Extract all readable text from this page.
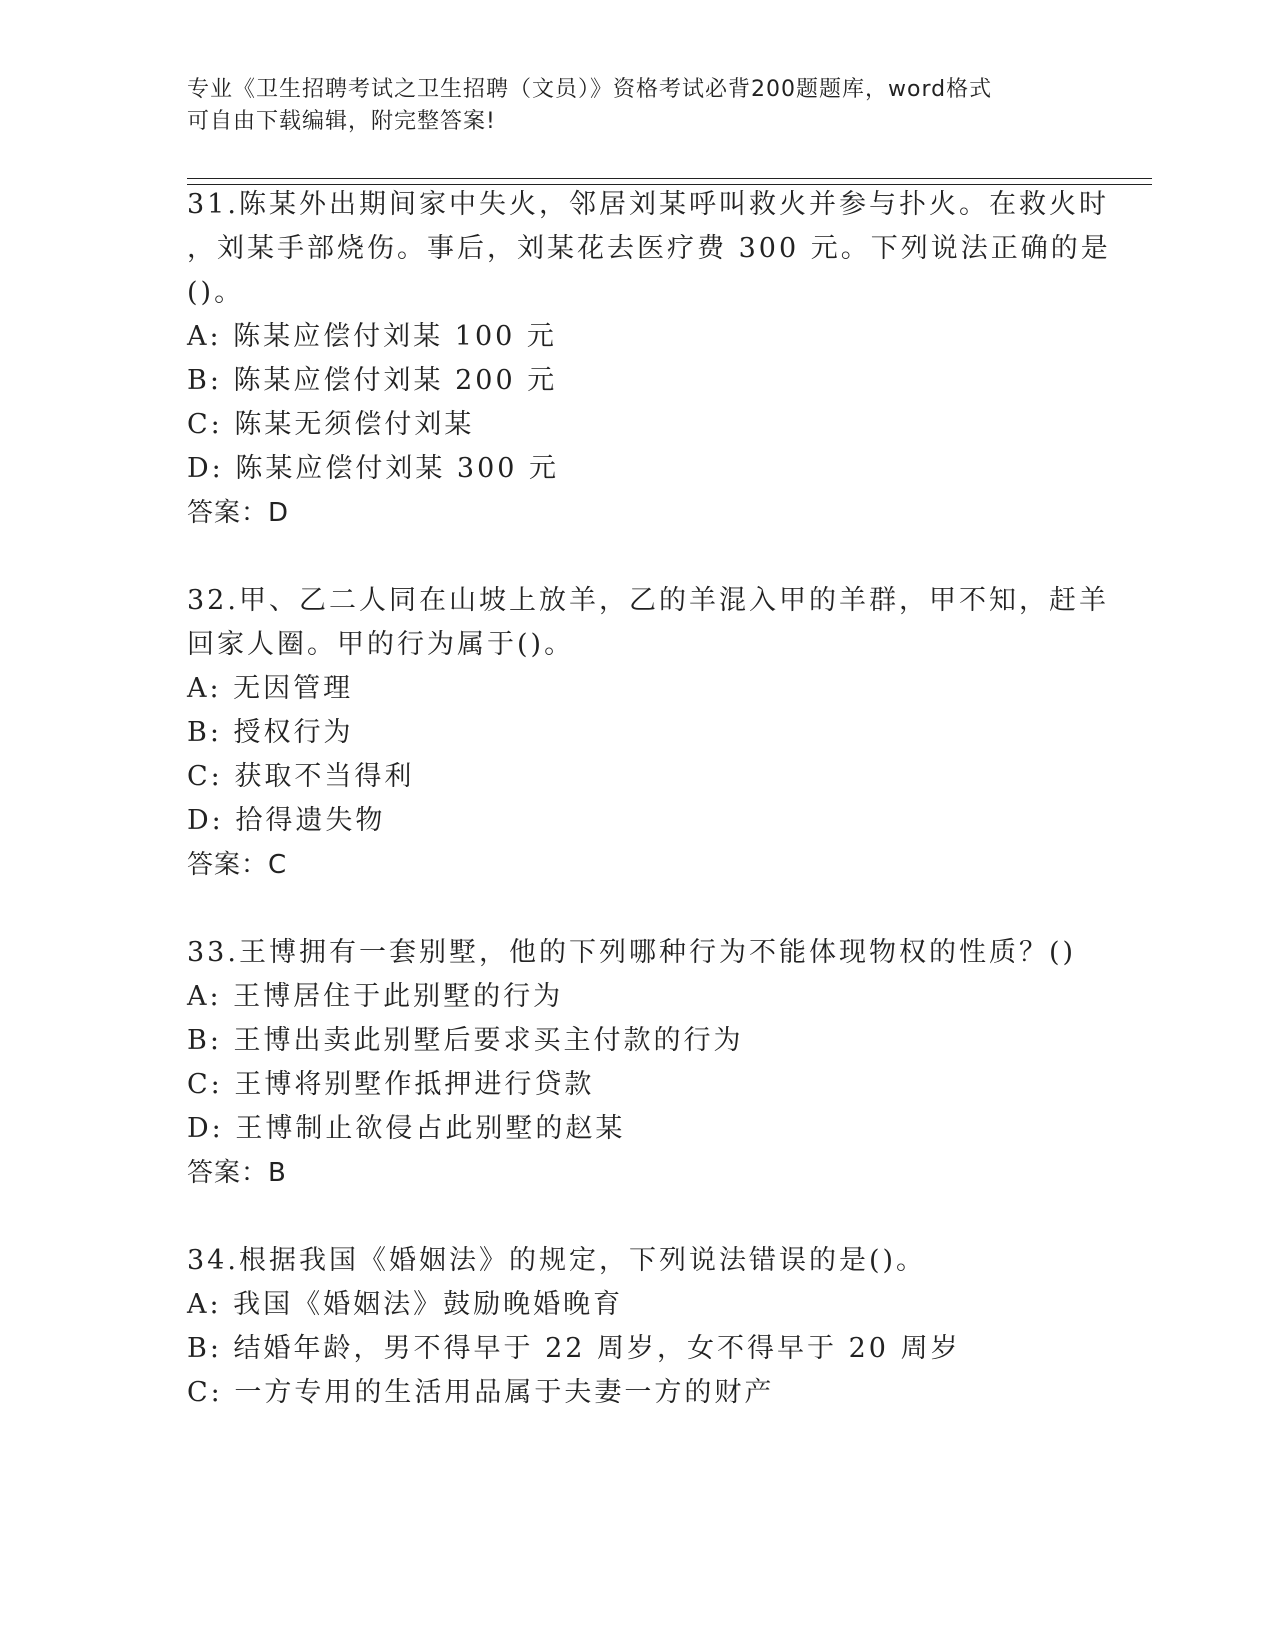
专业《卫生招聘考试之卫生招聘（文员）》资格考试必背200题题库，word格式
可自由下载编辑，附完整答案!
31.陈某外出期间家中失火，邻居刘某呼叫救火并参与扑火。在救火时
，刘某手部烧伤。事后，刘某花去医疗费 300 元。下列说法正确的是
()。
A: 陈某应偿付刘某 100 元
B: 陈某应偿付刘某 200 元
C: 陈某无须偿付刘某
D: 陈某应偿付刘某 300 元
答案：D
32.甲、乙二人同在山坡上放羊，乙的羊混入甲的羊群，甲不知，赶羊
回家人圈。甲的行为属于()。
A: 无因管理
B: 授权行为
C: 获取不当得利
D: 拾得遗失物
答案：C
33.王博拥有一套别墅，他的下列哪种行为不能体现物权的性质？()
A: 王博居住于此别墅的行为
B: 王博出卖此别墅后要求买主付款的行为
C: 王博将别墅作抵押进行贷款
D: 王博制止欲侵占此别墅的赵某
答案：B
34.根据我国《婚姻法》的规定，下列说法错误的是()。
A: 我国《婚姻法》鼓励晚婚晚育
B: 结婚年龄，男不得早于 22 周岁，女不得早于 20 周岁
C: 一方专用的生活用品属于夫妻一方的财产
